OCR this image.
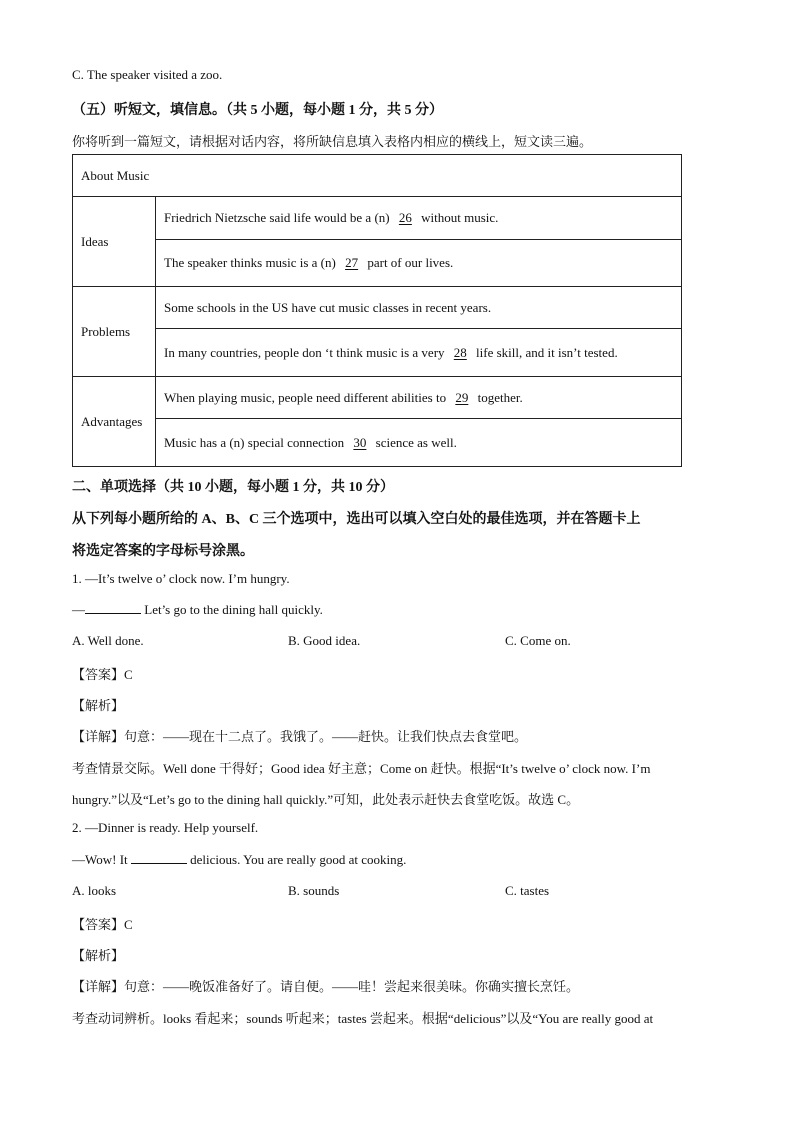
C. The speaker visited a zoo.
（五）听短文，填信息。（共 5 小题，每小题 1 分，共 5 分）
你将听到一篇短文，请根据对话内容，将所缺信息填入表格内相应的横线上，短文读三遍。
About Music	
Ideas	Friedrich Nietzsche said life would be a (n) 26 without music.
	The speaker thinks music is a (n) 27 part of our lives.
Problems	Some schools in the US have cut music classes in recent years.
	In many countries, people don ‘t think music is a very 28 life skill, and it isn’t tested.
Advantages	When playing music, people need different abilities to 29 together.
	Music has a (n) special connection 30 science as well.
二、单项选择（共 10 小题，每小题 1 分，共 10 分）
从下列每小题所给的 A、B、C 三个选项中，选出可以填入空白处的最佳选项，并在答题卡上
将选定答案的字母标号涂黑。
1. —It’s twelve o’ clock now. I’m hungry.
—	Let’s go to the dining hall quickly.
A. Well done.	B. Good idea.	C. Come on.
【答案】C
【解析】
【详解】句意：——现在十二点了。我饿了。——赶快。让我们快点去食堂吧。
考查情景交际。Well done 干得好；Good idea 好主意；Come on 赶快。根据“It’s twelve o’ clock now. I’m
hungry.”以及“Let’s go to the dining hall quickly.”可知，此处表示赶快去食堂吃饭。故选 C。
2. —Dinner is ready. Help yourself.
—Wow! It	delicious. You are really good at cooking.
A. looks	B. sounds	C. tastes
【答案】C
【解析】
【详解】句意：——晚饭准备好了。请自便。——哇！尝起来很美味。你确实擅长烹饪。
考查动词辨析。looks 看起来；sounds 听起来；tastes 尝起来。根据“delicious”以及“You are really good at
